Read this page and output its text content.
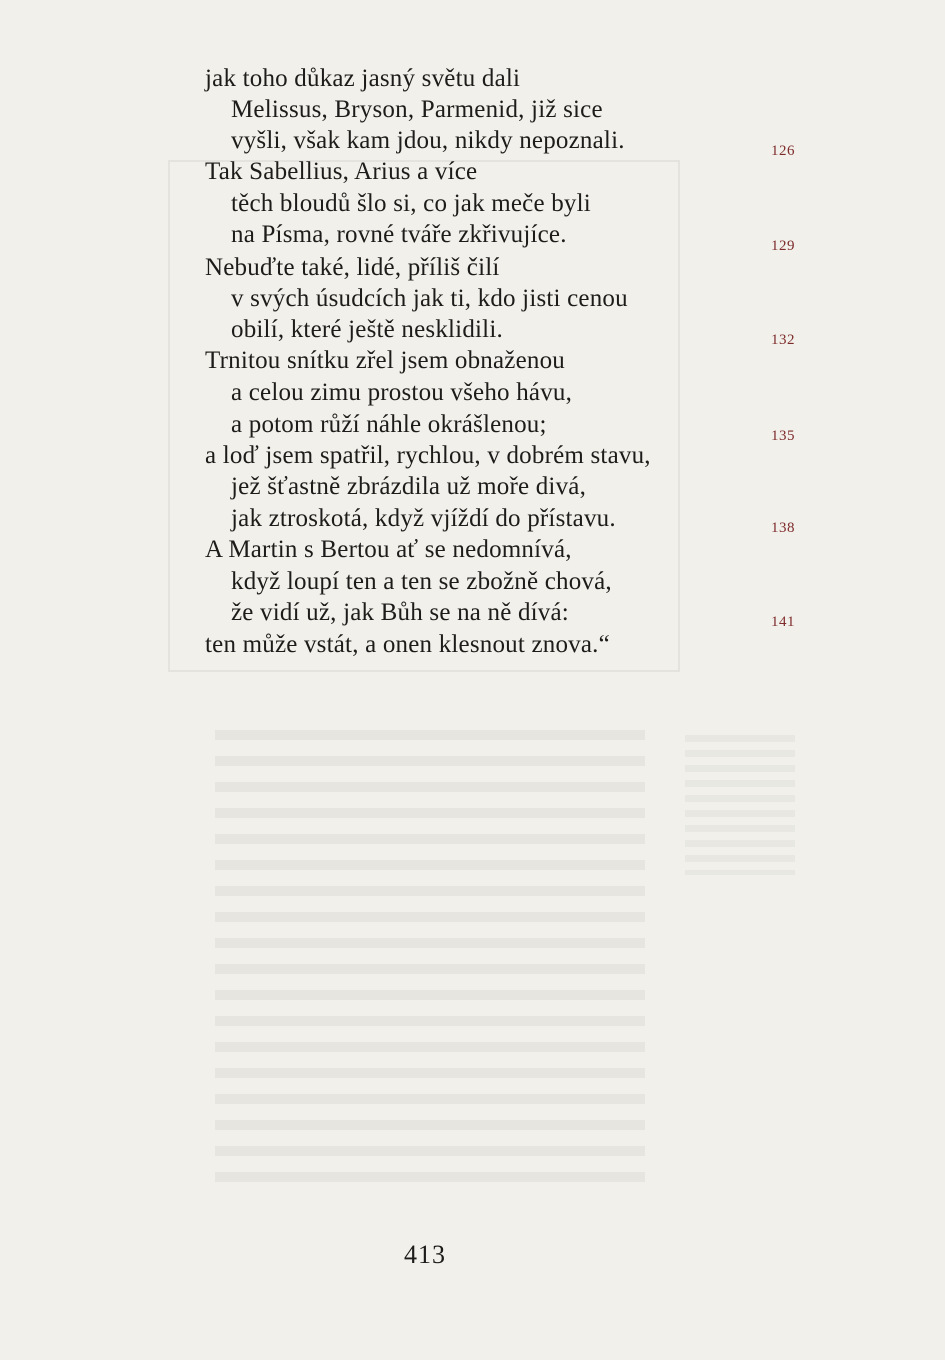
jak toho důkaz jasný světu dali
Melissus, Bryson, Parmenid, již sice
vyšli, však kam jdou, nikdy nepoznali.
Tak Sabellius, Arius a více
těch bloudů šlo si, co jak meče byli
na Písma, rovné tváře zkřivujíce.
Nebuďte také, lidé, příliš čilí
v svých úsudcích jak ti, kdo jisti cenou
obilí, které ještě nesklidili.
Trnitou snítku zřel jsem obnaženou
a celou zimu prostou všeho hávu,
a potom růží náhle okrášlenou;
a loď jsem spatřil, rychlou, v dobrém stavu,
jež šťastně zbrázdila už moře divá,
jak ztroskotá, když vjíždí do přístavu.
A Martin s Bertou ať se nedomnívá,
když loupí ten a ten se zbožně chová,
že vidí už, jak Bůh se na ně dívá:
ten může vstát, a onen klesnout znova.“
126
129
132
135
138
141
413
